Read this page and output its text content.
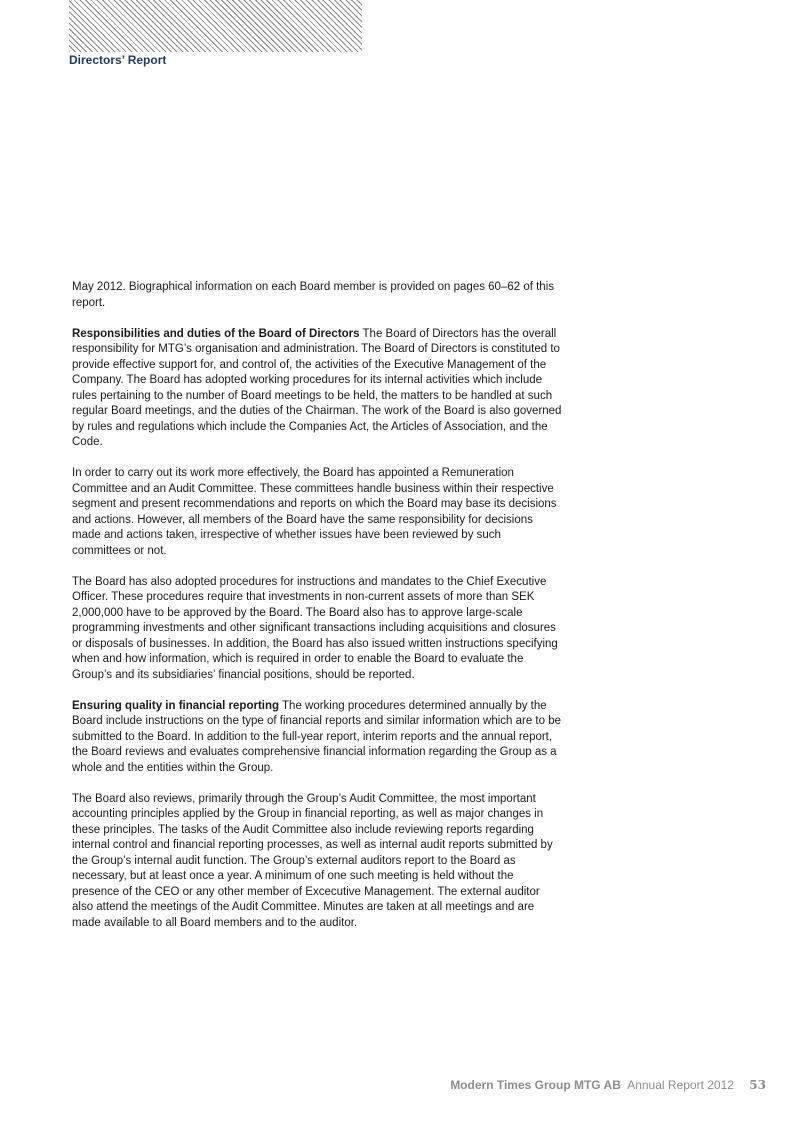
Directors’ Report

May 2012. Biographical information on each Board member is provided on pages 60–62 of this report.

Responsibilities and duties of the Board of Directors The Board of Directors has the overall responsibility for MTG’s organisation and administration. The Board of Directors is constituted to provide effective support for, and control of, the activities of the Executive Management of the Company. The Board has adopted working procedures for its internal activities which include rules pertaining to the number of Board meetings to be held, the matters to be handled at such regular Board meetings, and the duties of the Chairman. The work of the Board is also governed by rules and regulations which include the Companies Act, the Articles of Association, and the Code.

In order to carry out its work more effectively, the Board has appointed a Remuneration Committee and an Audit Committee. These committees handle business within their respective segment and present recommendations and reports on which the Board may base its decisions and actions. However, all members of the Board have the same responsibility for decisions made and actions taken, irrespective of whether issues have been reviewed by such committees or not.

The Board has also adopted procedures for instructions and mandates to the Chief Executive Officer. These procedures require that investments in non-current assets of more than SEK 2,000,000 have to be approved by the Board. The Board also has to approve large-scale programming investments and other significant transactions including acquisitions and closures or disposals of businesses. In addition, the Board has also issued written instructions specifying when and how information, which is required in order to enable the Board to evaluate the Group’s and its subsidiaries’ financial positions, should be reported.

Ensuring quality in financial reporting The working procedures determined annually by the Board include instructions on the type of financial reports and similar information which are to be submitted to the Board. In addition to the full-year report, interim reports and the annual report, the Board reviews and evaluates comprehensive financial information regarding the Group as a whole and the entities within the Group.

The Board also reviews, primarily through the Group’s Audit Committee, the most important accounting principles applied by the Group in financial reporting, as well as major changes in these principles. The tasks of the Audit Committee also include reviewing reports regarding internal control and financial reporting processes, as well as internal audit reports submitted by the Group’s internal audit function. The Group’s external auditors report to the Board as necessary, but at least once a year. A minimum of one such meeting is held without the presence of the CEO or any other member of Excecutive Management. The external auditor also attend the meetings of the Audit Committee. Minutes are taken at all meetings and are made available to all Board members and to the auditor.

Modern Times Group MTG AB Annual Report 2012 53
